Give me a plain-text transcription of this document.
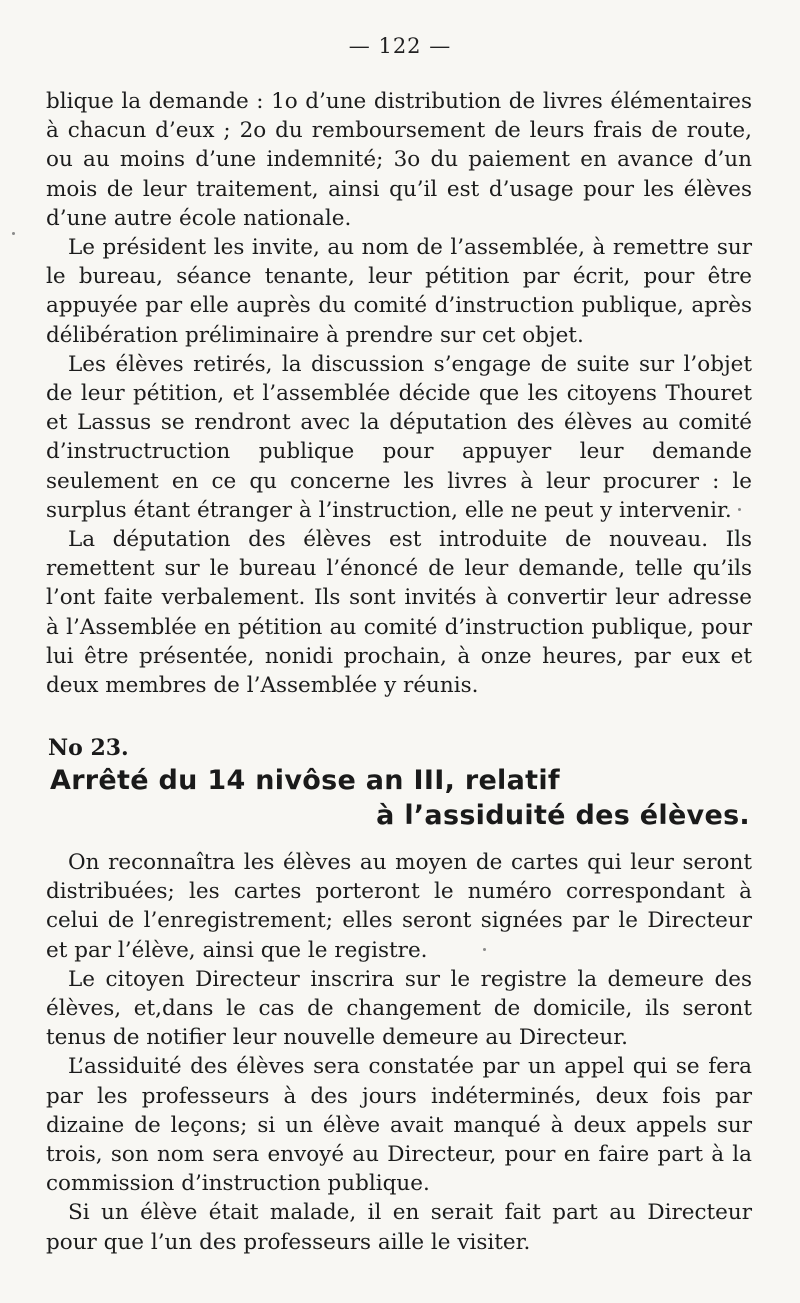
— 122 —

blique la demande : 1o d’une distribution de livres élémentaires à chacun d’eux ; 2o du remboursement de leurs frais de route, ou au moins d’une indemnité; 3o du paiement en avance d’un mois de leur traitement, ainsi qu’il est d’usage pour les élèves d’une autre école nationale.

Le président les invite, au nom de l’assemblée, à remettre sur le bureau, séance tenante, leur pétition par écrit, pour être appuyée par elle auprès du comité d’instruction publique, après délibération préliminaire à prendre sur cet objet.

Les élèves retirés, la discussion s’engage de suite sur l’objet de leur pétition, et l’assemblée décide que les citoyens Thouret et Lassus se rendront avec la députation des élèves au comité d’instructruction publique pour appuyer leur demande seulement en ce qu concerne les livres à leur procurer : le surplus étant étranger à l’instruction, elle ne peut y intervenir.

La députation des élèves est introduite de nouveau. Ils remettent sur le bureau l’énoncé de leur demande, telle qu’ils l’ont faite verbalement. Ils sont invités à convertir leur adresse à l’Assemblée en pétition au comité d’instruction publique, pour lui être présentée, nonidi prochain, à onze heures, par eux et deux membres de l’Assemblée y réunis.

No 23.
Arrêté du 14 nivôse an III, relatif
à l’assiduité des élèves.

On reconnaîtra les élèves au moyen de cartes qui leur seront distribuées; les cartes porteront le numéro correspondant à celui de l’enregistrement; elles seront signées par le Directeur et par l’élève, ainsi que le registre.

Le citoyen Directeur inscrira sur le registre la demeure des élèves, et,dans le cas de changement de domicile, ils seront tenus de notifier leur nouvelle demeure au Directeur.

L’assiduité des élèves sera constatée par un appel qui se fera par les professeurs à des jours indéterminés, deux fois par dizaine de leçons; si un élève avait manqué à deux appels sur trois, son nom sera envoyé au Directeur, pour en faire part à la commission d’instruction publique.

Si un élève était malade, il en serait fait part au Directeur pour que l’un des professeurs aille le visiter.
